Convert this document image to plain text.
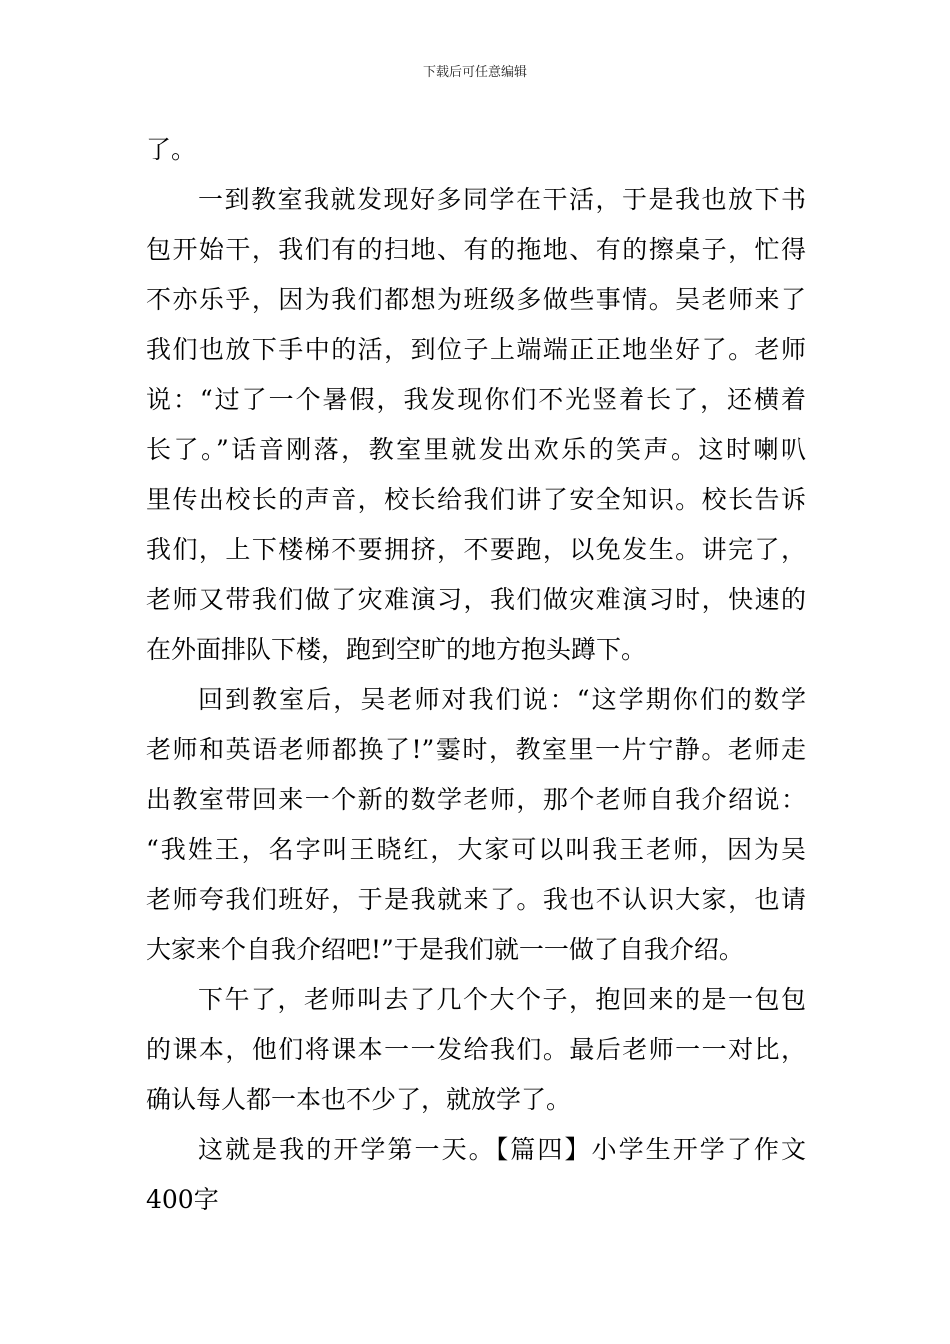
下载后可任意编辑
了。
一到教室我就发现好多同学在干活，于是我也放下书
包开始干，我们有的扫地、有的拖地、有的擦桌子，忙得
不亦乐乎，因为我们都想为班级多做些事情。吴老师来了
我们也放下手中的活，到位子上端端正正地坐好了。老师
说：“过了一个暑假，我发现你们不光竖着长了，还横着
长了。”话音刚落，教室里就发出欢乐的笑声。这时喇叭
里传出校长的声音，校长给我们讲了安全知识。校长告诉
我们，上下楼梯不要拥挤，不要跑，以免发生。讲完了，
老师又带我们做了灾难演习，我们做灾难演习时，快速的
在外面排队下楼，跑到空旷的地方抱头蹲下。
回到教室后，吴老师对我们说：“这学期你们的数学
老师和英语老师都换了!”霎时，教室里一片宁静。老师走
出教室带回来一个新的数学老师，那个老师自我介绍说：
“我姓王，名字叫王晓红，大家可以叫我王老师，因为吴
老师夸我们班好，于是我就来了。我也不认识大家，也请
大家来个自我介绍吧!”于是我们就一一做了自我介绍。
下午了，老师叫去了几个大个子，抱回来的是一包包
的课本，他们将课本一一发给我们。最后老师一一对比，
确认每人都一本也不少了，就放学了。
这就是我的开学第一天。【篇四】小学生开学了作文
400字
